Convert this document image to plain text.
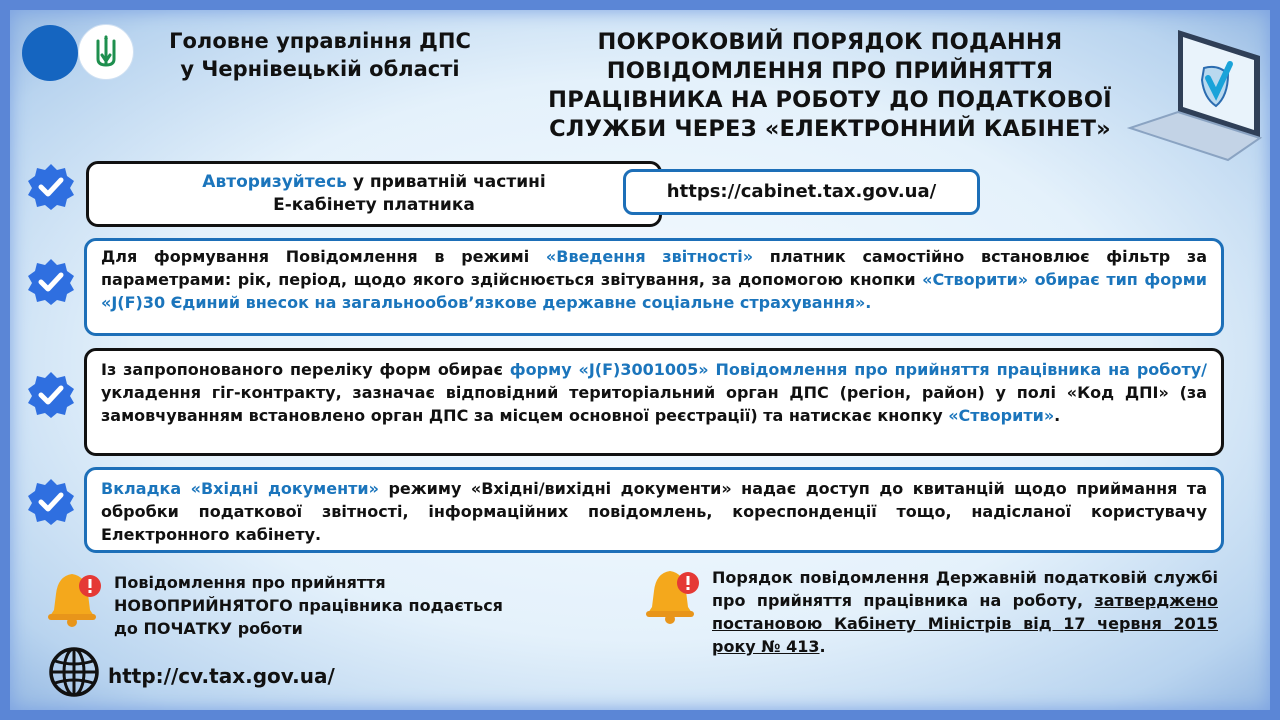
Головне управління ДПС
у Чернівецькій області
ПОКРОКОВИЙ ПОРЯДОК ПОДАННЯ ПОВІДОМЛЕННЯ ПРО ПРИЙНЯТТЯ ПРАЦІВНИКА НА РОБОТУ ДО ПОДАТКОВОЇ СЛУЖБИ ЧЕРЕЗ «ЕЛЕКТРОННИЙ КАБІНЕТ»
Авторизуйтесь у приватній частині
Е-кабінету платника
https://cabinet.tax.gov.ua/
Для формування Повідомлення в режимі «Введення звітності» платник самостійно встановлює фільтр за параметрами: рік, період, щодо якого здійснюється звітування, за допомогою кнопки «Створити» обирає тип форми «J(F)30 Єдиний внесок на загальнообов’язкове державне соціальне страхування».
Із запропонованого переліку форм обирає форму «J(F)3001005» Повідомлення про прийняття працівника на роботу/ укладення гіг-контракту, зазначає відповідний територіальний орган ДПС (регіон, район) у полі «Код ДПІ» (за замовчуванням встановлено орган ДПС за місцем основної реєстрації) та натискає кнопку «Створити».
Вкладка «Вхідні документи» режиму «Вхідні/вихідні документи» надає доступ до квитанцій щодо приймання та обробки податкової звітності, інформаційних повідомлень, кореспонденції тощо, надісланої користувачу Електронного кабінету.
Повідомлення про прийняття
НОВОПРИЙНЯТОГО працівника подається
до ПОЧАТКУ роботи
Порядок повідомлення Державній податковій службі про прийняття працівника на роботу, затверджено постановою Кабінету Міністрів від 17 червня 2015 року № 413.
http://cv.tax.gov.ua/
